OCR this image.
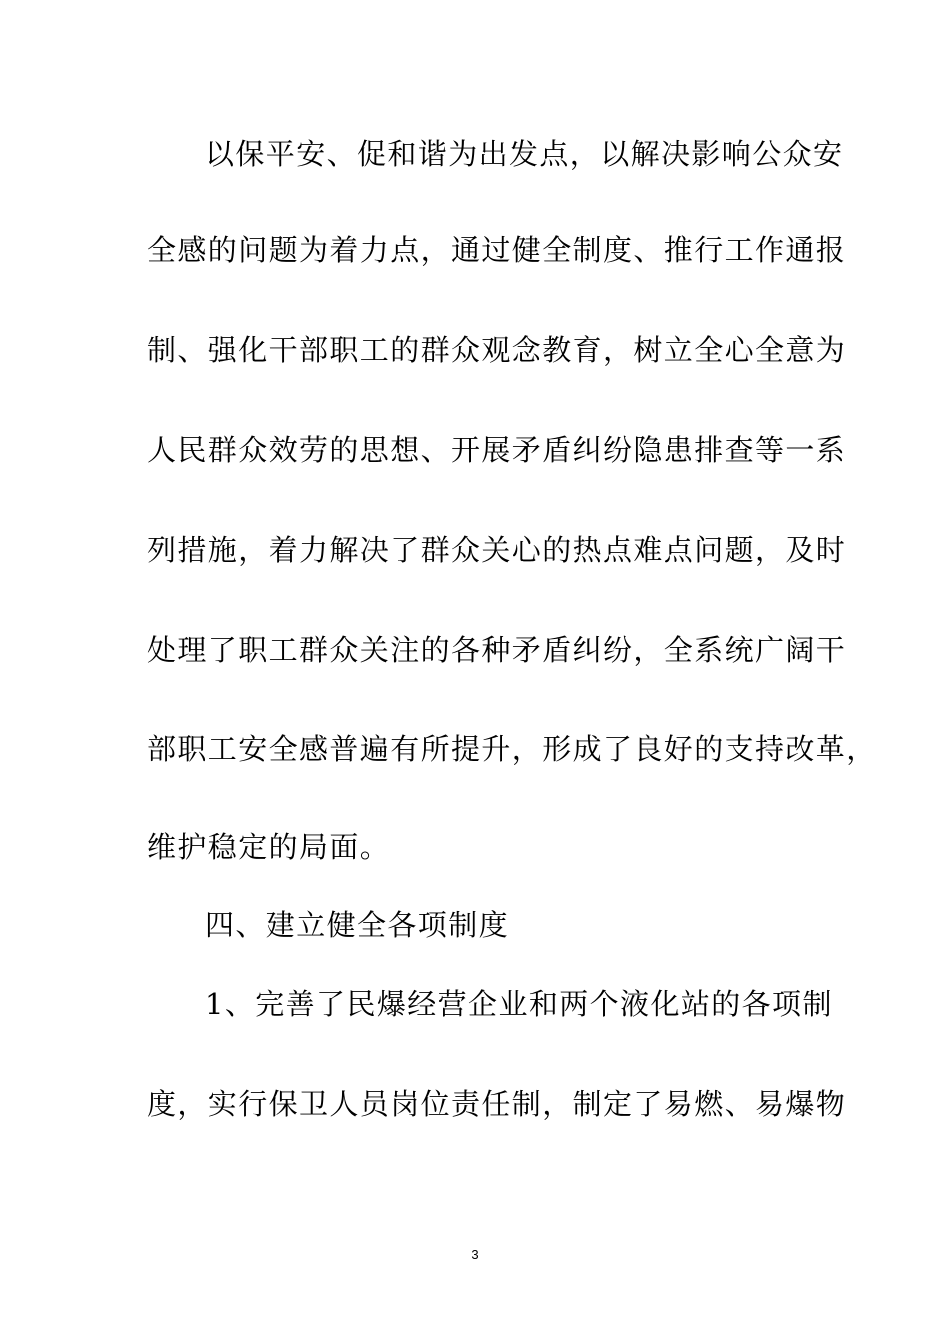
以保平安、促和谐为出发点，以解决影响公众安
全感的问题为着力点，通过健全制度、推行工作通报
制、强化干部职工的群众观念教育，树立全心全意为
人民群众效劳的思想、开展矛盾纠纷隐患排查等一系
列措施，着力解决了群众关心的热点难点问题，及时
处理了职工群众关注的各种矛盾纠纷，全系统广阔干
部职工安全感普遍有所提升，形成了良好的支持改革，
维护稳定的局面。
四、建立健全各项制度
1、完善了民爆经营企业和两个液化站的各项制
度，实行保卫人员岗位责任制，制定了易燃、易爆物
3
